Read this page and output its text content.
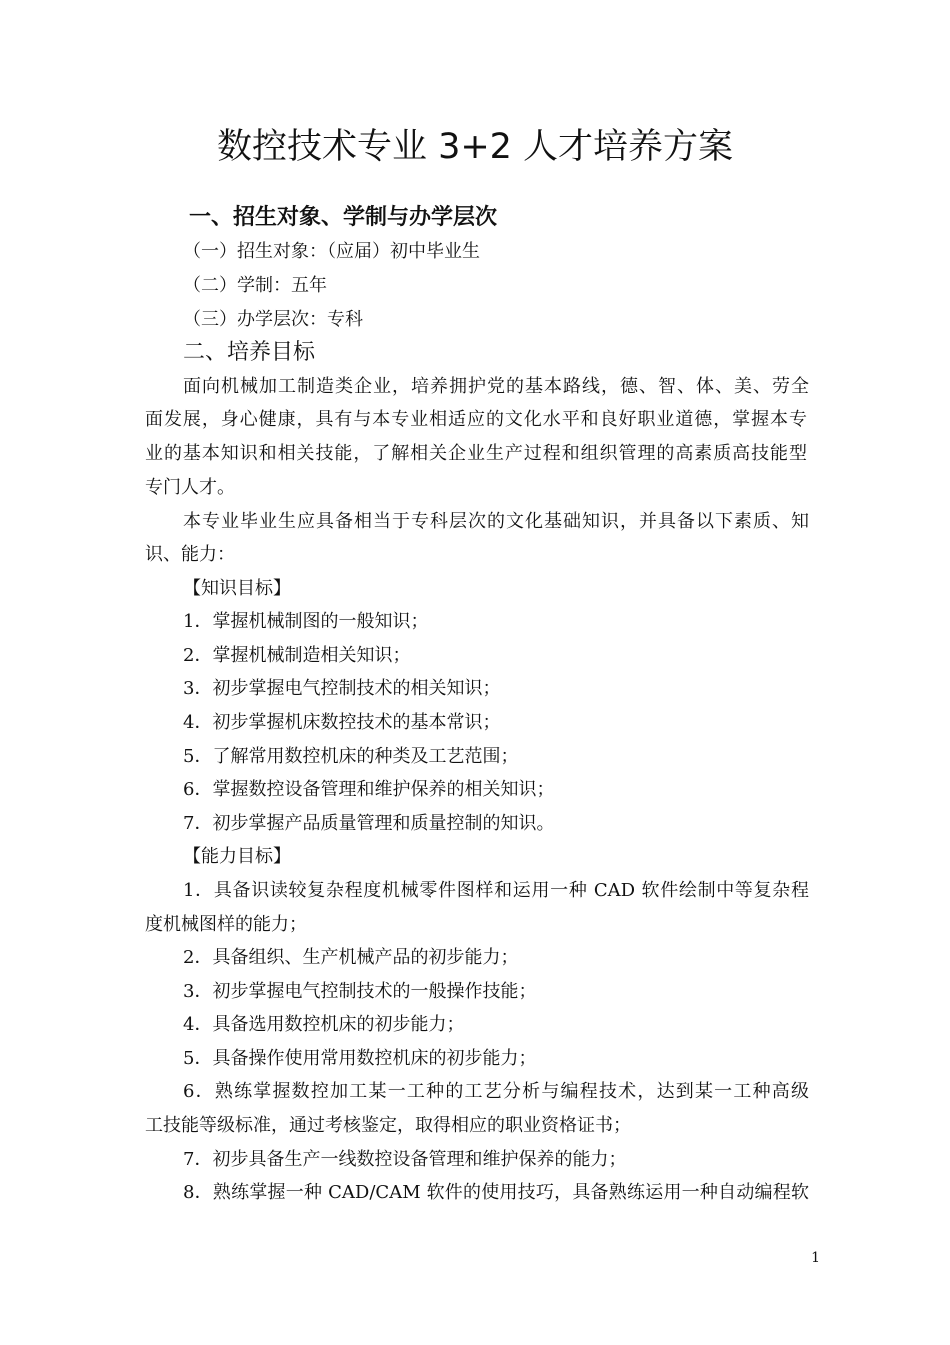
数控技术专业 3+2 人才培养方案
一、招生对象、学制与办学层次
（一）招生对象：（应届）初中毕业生
（二）学制：五年
（三）办学层次：专科
二、培养目标
面向机械加工制造类企业，培养拥护党的基本路线，德、智、体、美、劳全
面发展，身心健康，具有与本专业相适应的文化水平和良好职业道德，掌握本专
业的基本知识和相关技能，了解相关企业生产过程和组织管理的高素质高技能型
专门人才。
本专业毕业生应具备相当于专科层次的文化基础知识，并具备以下素质、知
识、能力：
【知识目标】
1．掌握机械制图的一般知识；
2．掌握机械制造相关知识；
3．初步掌握电气控制技术的相关知识；
4．初步掌握机床数控技术的基本常识；
5．了解常用数控机床的种类及工艺范围；
6．掌握数控设备管理和维护保养的相关知识；
7．初步掌握产品质量管理和质量控制的知识。
【能力目标】
1．具备识读较复杂程度机械零件图样和运用一种 CAD 软件绘制中等复杂程
度机械图样的能力；
2．具备组织、生产机械产品的初步能力；
3．初步掌握电气控制技术的一般操作技能；
4．具备选用数控机床的初步能力；
5．具备操作使用常用数控机床的初步能力；
6．熟练掌握数控加工某一工种的工艺分析与编程技术，达到某一工种高级
工技能等级标准，通过考核鉴定，取得相应的职业资格证书；
7．初步具备生产一线数控设备管理和维护保养的能力；
8．熟练掌握一种 CAD/CAM 软件的使用技巧，具备熟练运用一种自动编程软
1
